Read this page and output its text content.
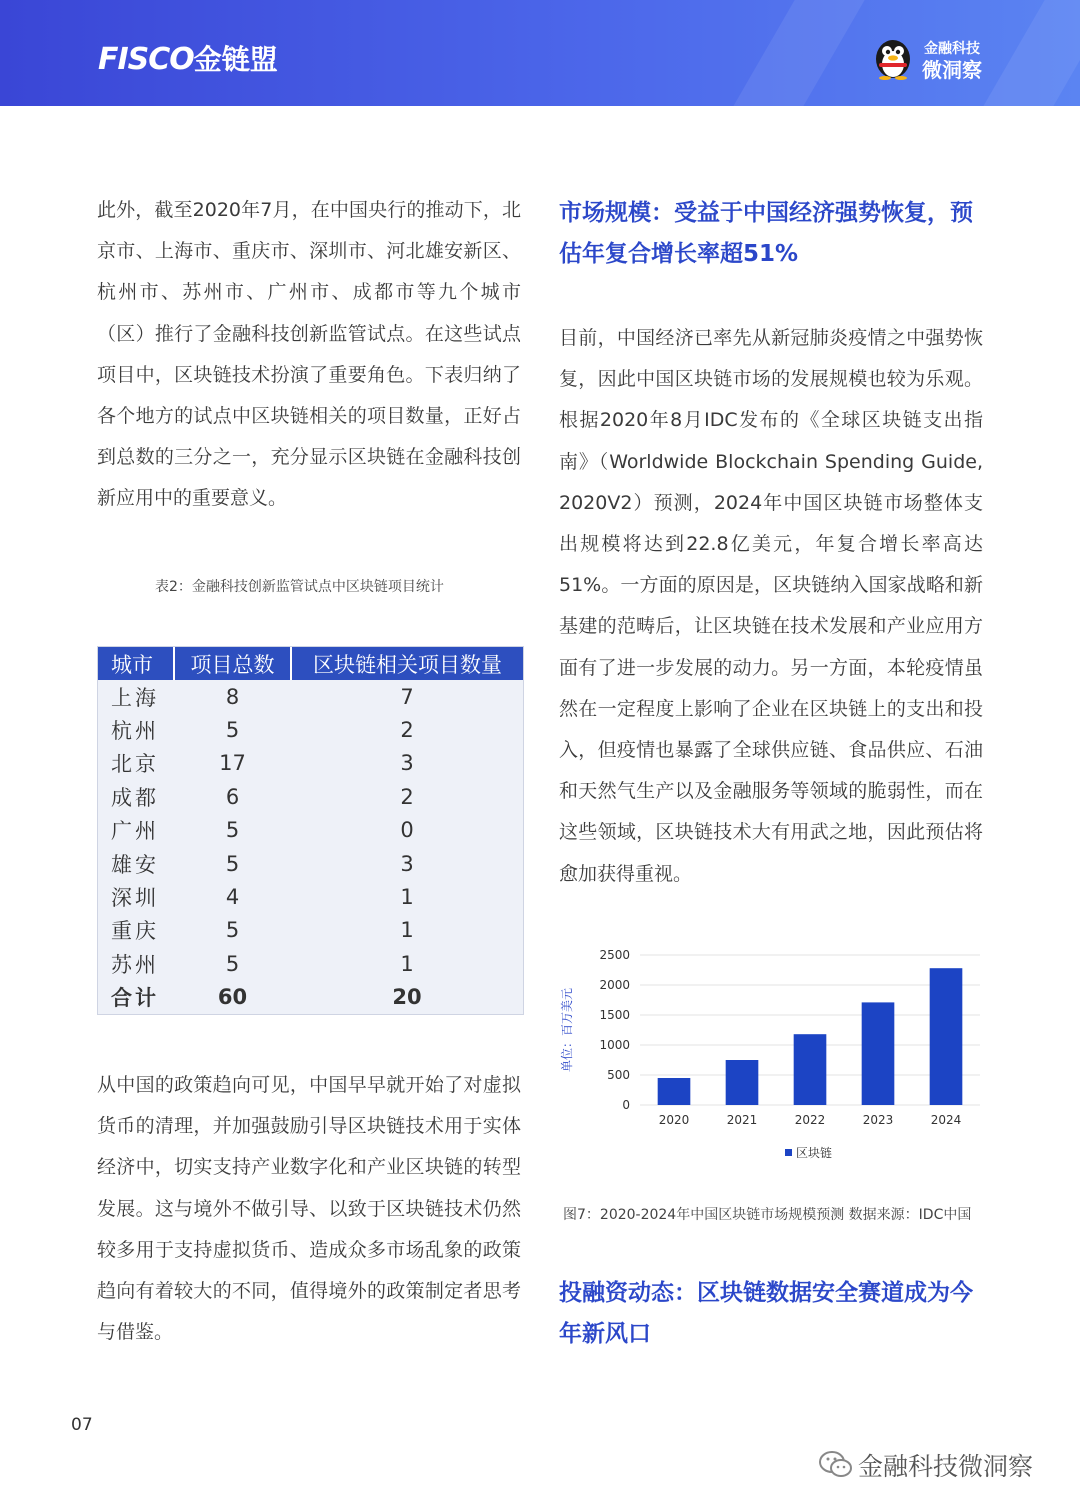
FISCO金链盟	金融科技
微洞察

此外，截至2020年7月，在中国央行的推动下，北京市、上海市、重庆市、深圳市、河北雄安新区、杭州市、苏州市、广州市、成都市等九个城市（区）推行了金融科技创新监管试点。在这些试点项目中，区块链技术扮演了重要角色。下表归纳了各个地方的试点中区块链相关的项目数量，正好占到总数的三分之一，充分显示区块链在金融科技创新应用中的重要意义。

表2：金融科技创新监管试点中区块链项目统计

城市	项目总数	区块链相关项目数量
上海	8	7
杭州	5	2
北京	17	3
成都	6	2
广州	5	0
雄安	5	3
深圳	4	1
重庆	5	1
苏州	5	1
合计	60	20

从中国的政策趋向可见，中国早早就开始了对虚拟货币的清理，并加强鼓励引导区块链技术用于实体经济中，切实支持产业数字化和产业区块链的转型发展。这与境外不做引导、以致于区块链技术仍然较多用于支持虚拟货币、造成众多市场乱象的政策趋向有着较大的不同，值得境外的政策制定者思考与借鉴。

市场规模：受益于中国经济强势恢复，预估年复合增长率超51%

目前，中国经济已率先从新冠肺炎疫情之中强势恢复，因此中国区块链市场的发展规模也较为乐观。根据2020年8月IDC发布的《全球区块链支出指南》（Worldwide Blockchain Spending Guide, 2020V2）预测，2024年中国区块链市场整体支出规模将达到22.8亿美元，年复合增长率高达51%。一方面的原因是，区块链纳入国家战略和新基建的范畴后，让区块链在技术发展和产业应用方面有了进一步发展的动力。另一方面，本轮疫情虽然在一定程度上影响了企业在区块链上的支出和投入，但疫情也暴露了全球供应链、食品供应、石油和天然气生产以及金融服务等领域的脆弱性，而在这些领域，区块链技术大有用武之地，因此预估将愈加获得重视。

0
500
1000
1500
2000
2500
单位：百万美元
2020	2021	2022	2023	2024
区块链

图7：2020-2024年中国区块链市场规模预测 数据来源：IDC中国

投融资动态：区块链数据安全赛道成为今年新风口
07
金融科技微洞察
